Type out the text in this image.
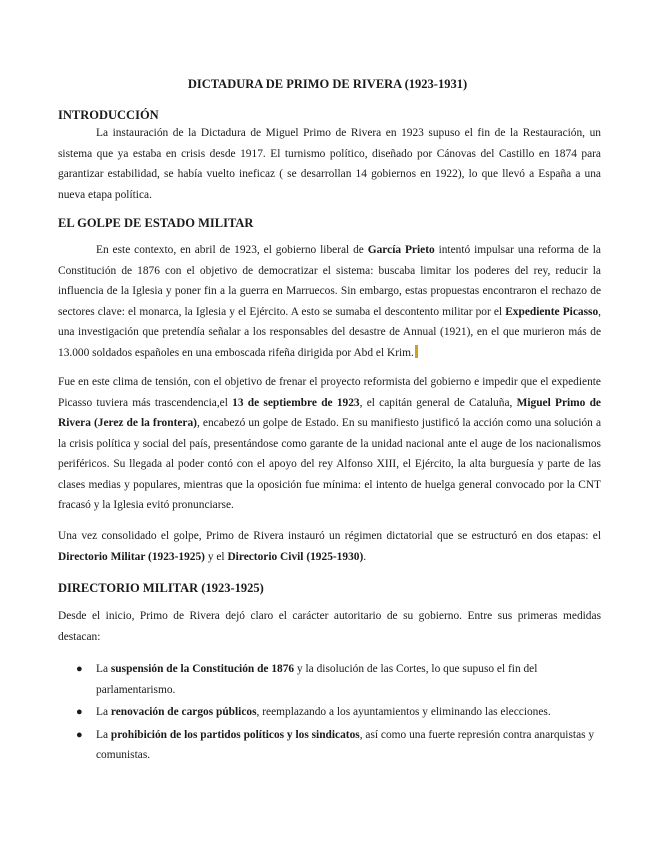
DICTADURA DE PRIMO DE RIVERA (1923-1931)
INTRODUCCIÓN

La instauración de la Dictadura de Miguel Primo de Rivera en 1923 supuso el fin de la Restauración, un sistema que ya estaba en crisis desde 1917. El turnismo político, diseñado por Cánovas del Castillo en 1874 para garantizar estabilidad, se había vuelto ineficaz ( se desarrollan 14 gobiernos en 1922), lo que llevó a España a una nueva etapa política.

EL GOLPE DE ESTADO MILITAR

En este contexto, en abril de 1923, el gobierno liberal de García Prieto intentó impulsar una reforma de la Constitución de 1876 con el objetivo de democratizar el sistema: buscaba limitar los poderes del rey, reducir la influencia de la Iglesia y poner fin a la guerra en Marruecos. Sin embargo, estas propuestas encontraron el rechazo de sectores clave: el monarca, la Iglesia y el Ejército. A esto se sumaba el descontento militar por el Expediente Picasso, una investigación que pretendía señalar a los responsables del desastre de Annual (1921), en el que murieron más de 13.000 soldados españoles en una emboscada rifeña dirigida por Abd el Krim.

Fue en este clima de tensión, con el objetivo de frenar el proyecto reformista del gobierno e impedir que el expediente Picasso tuviera más trascendencia,el 13 de septiembre de 1923, el capitán general de Cataluña, Miguel Primo de Rivera (Jerez de la frontera), encabezó un golpe de Estado. En su manifiesto justificó la acción como una solución a la crisis política y social del país, presentándose como garante de la unidad nacional ante el auge de los nacionalismos periféricos. Su llegada al poder contó con el apoyo del rey Alfonso XIII, el Ejército, la alta burguesía y parte de las clases medias y populares, mientras que la oposición fue mínima: el intento de huelga general convocado por la CNT fracasó y la Iglesia evitó pronunciarse.

Una vez consolidado el golpe, Primo de Rivera instauró un régimen dictatorial que se estructuró en dos etapas: el Directorio Militar (1923-1925) y el Directorio Civil (1925-1930).

DIRECTORIO MILITAR (1923-1925)

Desde el inicio, Primo de Rivera dejó claro el carácter autoritario de su gobierno. Entre sus primeras medidas destacan:

● La suspensión de la Constitución de 1876 y la disolución de las Cortes, lo que supuso el fin del parlamentarismo.
● La renovación de cargos públicos, reemplazando a los ayuntamientos y eliminando las elecciones.
● La prohibición de los partidos políticos y los sindicatos, así como una fuerte represión contra anarquistas y comunistas.
